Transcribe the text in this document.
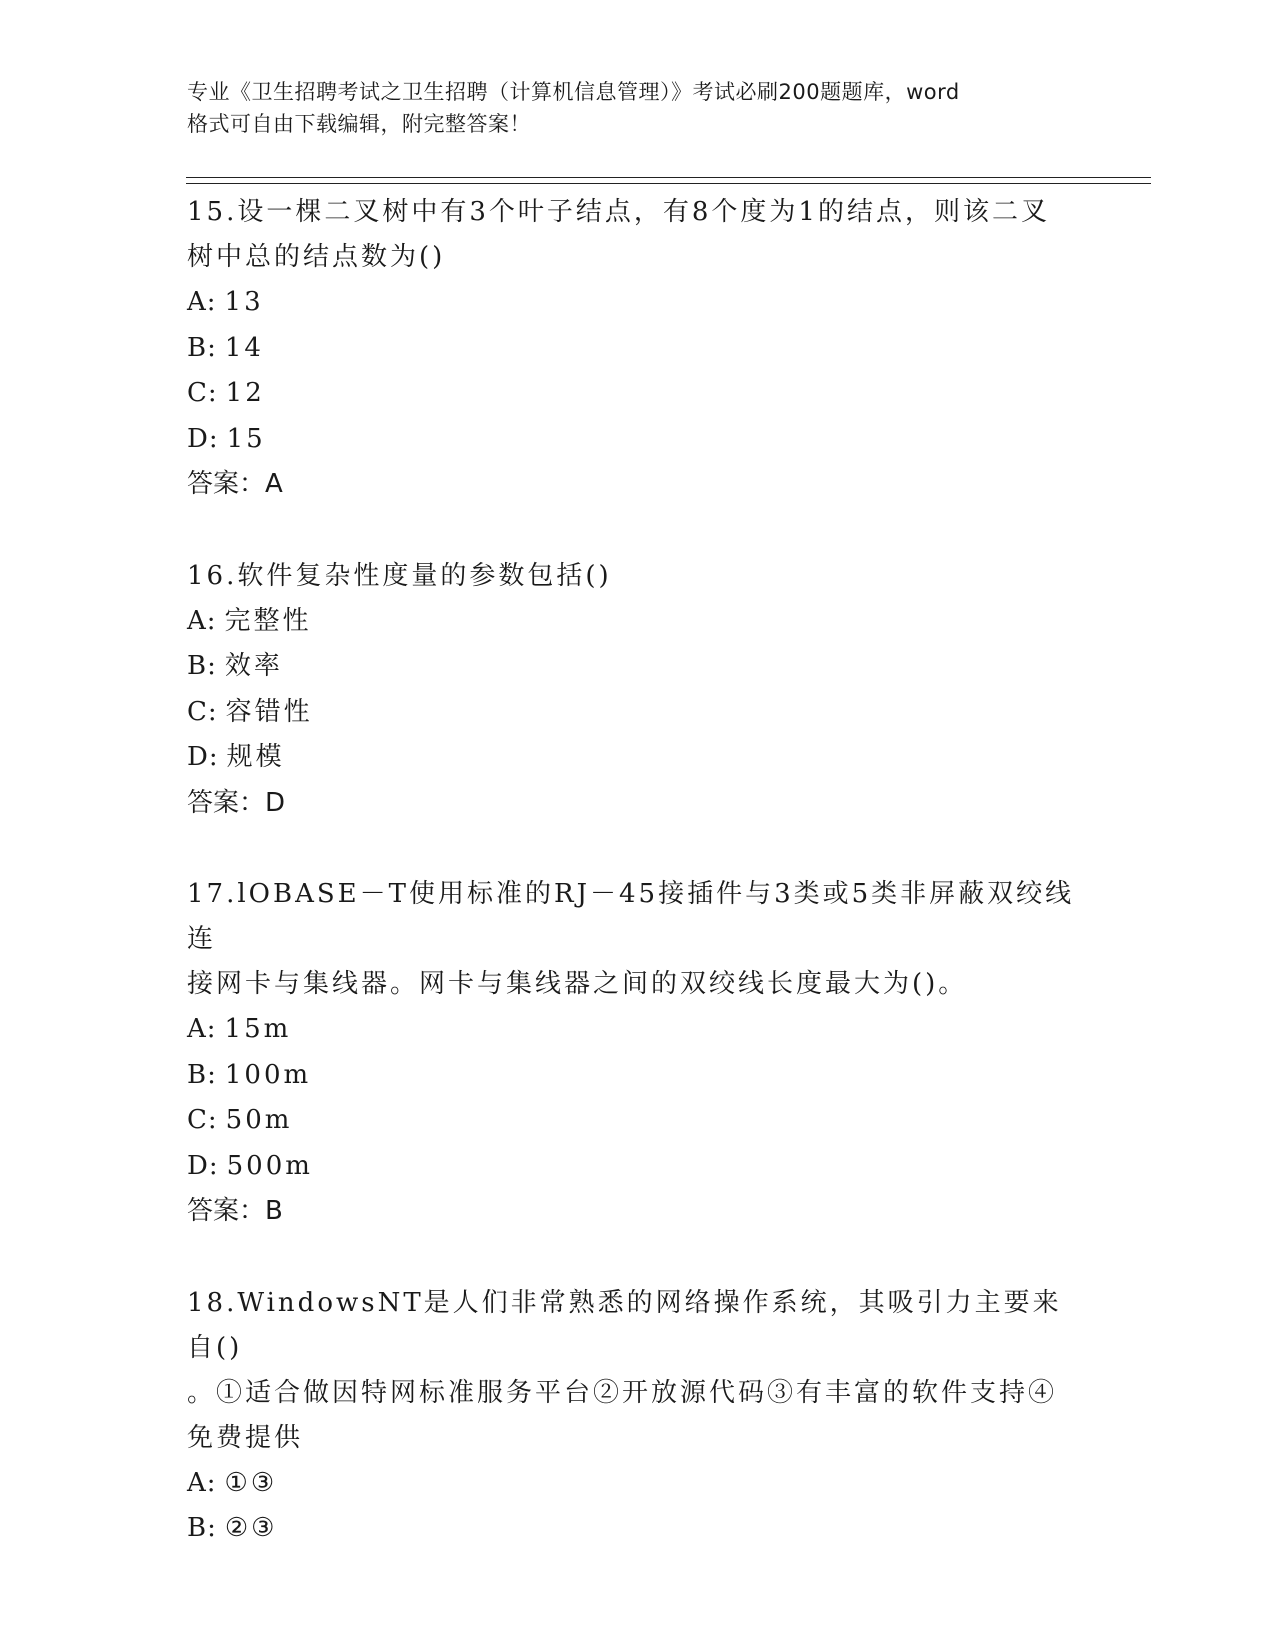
专业《卫生招聘考试之卫生招聘（计算机信息管理）》考试必刷200题题库，word
格式可自由下载编辑，附完整答案！
15.设一棵二叉树中有3个叶子结点，有8个度为1的结点，则该二叉
树中总的结点数为()
A: 13
B: 14
C: 12
D: 15
答案：A
16.软件复杂性度量的参数包括()
A: 完整性
B: 效率
C: 容错性
D: 规模
答案：D
17.lOBASE－T使用标准的RJ－45接插件与3类或5类非屏蔽双绞线连
接网卡与集线器。网卡与集线器之间的双绞线长度最大为()。
A: 15m
B: 100m
C: 50m
D: 500m
答案：B
18.WindowsNT是人们非常熟悉的网络操作系统，其吸引力主要来自()
。①适合做因特网标准服务平台②开放源代码③有丰富的软件支持④
免费提供
A: ①③
B: ②③
